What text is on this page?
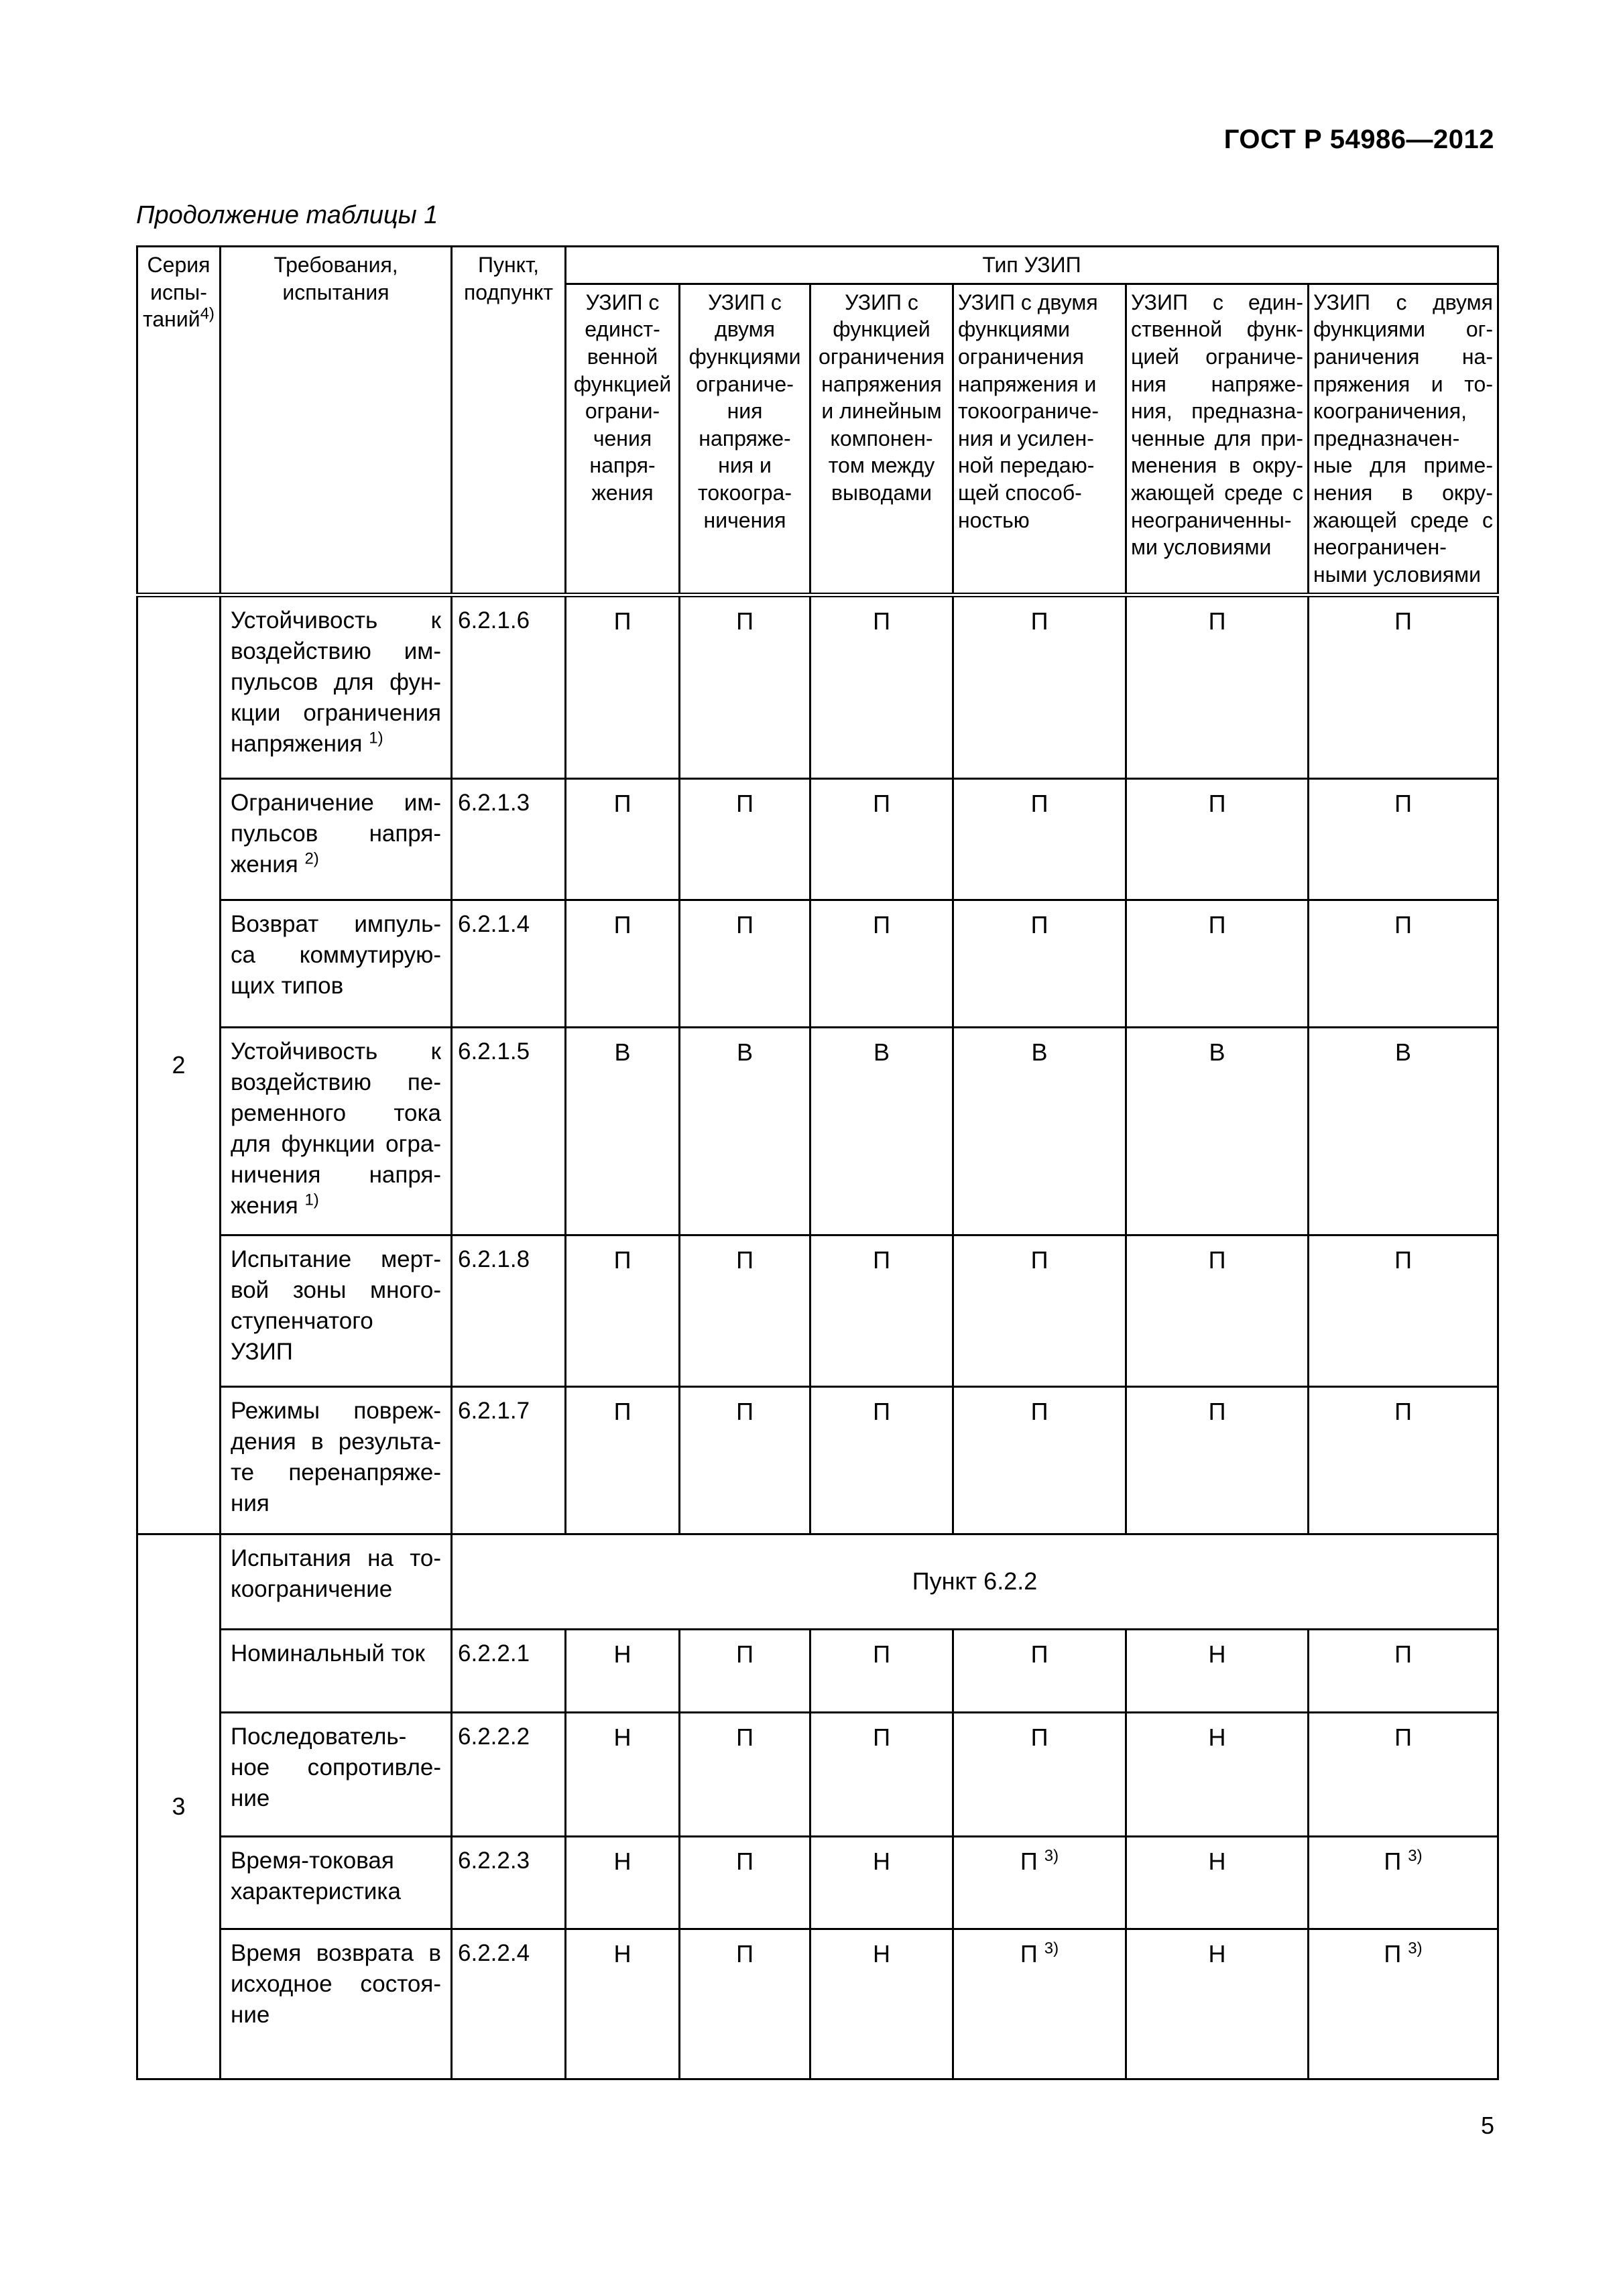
ГОСТ Р 54986—2012
Продолжение таблицы 1
Серия испы- таний$^{4)}$	Требования, испытания	Пункт, подпункт	Тип УЗИП					
			УЗИП с единст- венной функцией ограни- чения напря- жения	УЗИП с двумя функциями ограниче- ния напряже- ния и токоогра- ничения	УЗИП с функцией ограничения напряжения и линейным компонен- том между выводами	УЗИП с двумя функциями ограничения напряжения и токоограниче- ния и усилен- ной передаю- щей способ- ностью	УЗИП с един- ственной функ- цией ограниче- ния напряже- ния, предназна- ченные для при- менения в окру- жающей среде с неограниченны- ми условиями	УЗИП с двумя функциями ог- раничения на- пряжения и то- коограничения, предназначен- ные для приме- нения в окру- жающей среде с неограничен- ными условиями
2	Устойчивость к воздействию им- пульсов для фун- кции ограничения напряжения $^{1)}$	6.2.1.6	П	П	П	П	П	П
	Ограничение им- пульсов напря- жения $^{2)}$	6.2.1.3	П	П	П	П	П	П
	Возврат импуль- са коммутирую- щих типов	6.2.1.4	П	П	П	П	П	П
	Устойчивость к воздействию пе- ременного тока для функции огра- ничения напря- жения $^{1)}$	6.2.1.5	В	В	В	В	В	В
	Испытание мерт- вой зоны много- ступенчатого УЗИП	6.2.1.8	П	П	П	П	П	П
	Режимы повреж- дения в результа- те перенапряже- ния	6.2.1.7	П	П	П	П	П	П
3	Испытания на то- коограничение	Пункт 6.2.2						
	Номинальный ток	6.2.2.1	Н	П	П	П	Н	П
	Последователь- ное сопротивле- ние	6.2.2.2	Н	П	П	П	Н	П
	Время-токовая характеристика	6.2.2.3	Н	П	Н	П $^{3)}$	Н	П $^{3)}$
	Время возврата в исходное состоя- ние	6.2.2.4	Н	П	Н	П $^{3)}$	Н	П $^{3)}$
5
